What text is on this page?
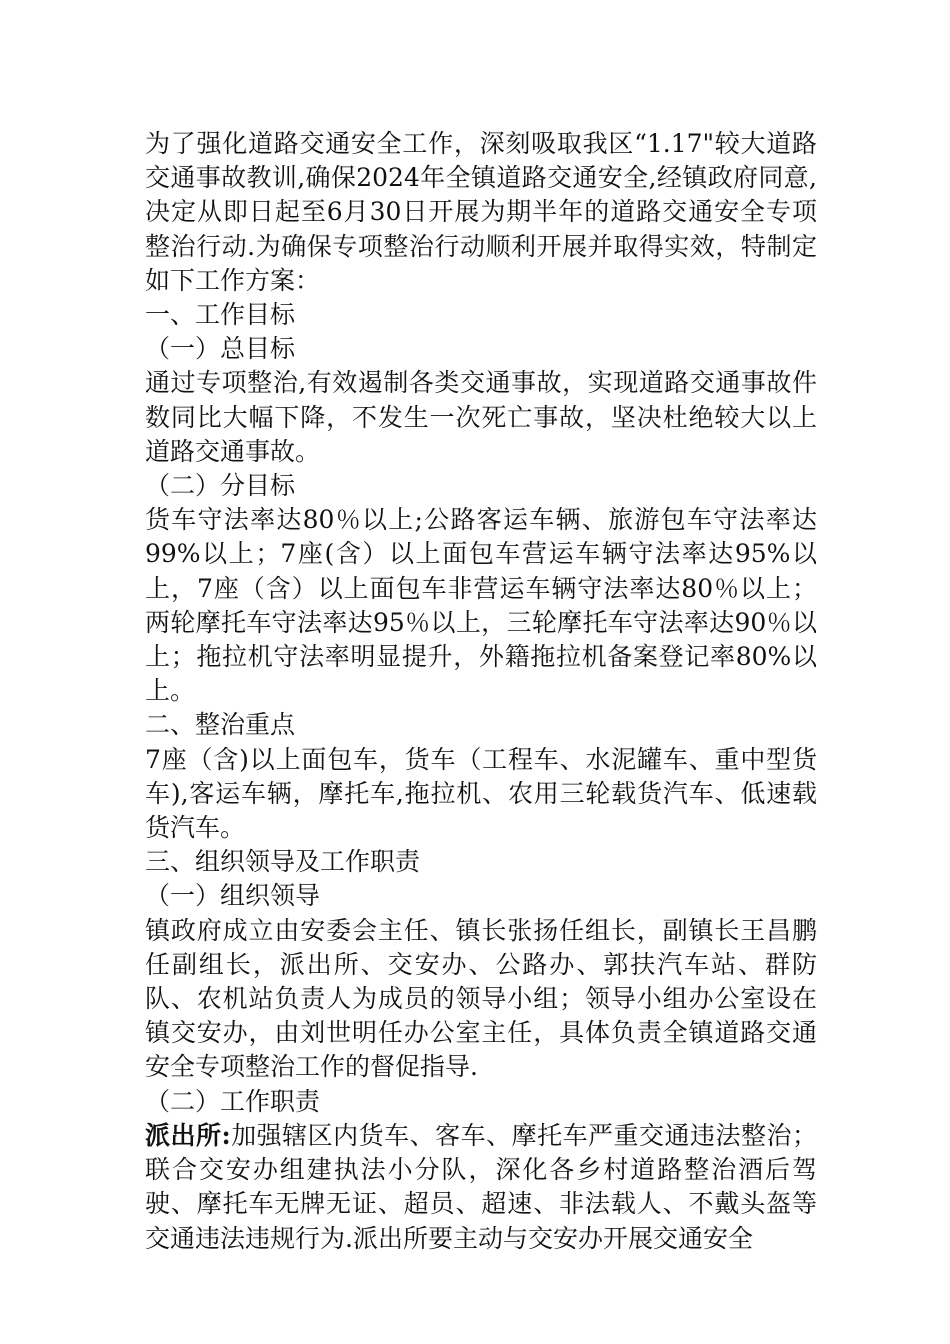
为了强化道路交通安全工作，深刻吸取我区“1.17"较大道路交通事故教训,确保2024年全镇道路交通安全,经镇政府同意,决定从即日起至6月30日开展为期半年的道路交通安全专项整治行动.为确保专项整治行动顺利开展并取得实效，特制定如下工作方案：

一、工作目标

（一）总目标

通过专项整治,有效遏制各类交通事故，实现道路交通事故件数同比大幅下降，不发生一次死亡事故，坚决杜绝较大以上道路交通事故。

（二）分目标

货车守法率达80％以上;公路客运车辆、旅游包车守法率达99%以上；7座(含）以上面包车营运车辆守法率达95%以上，7座（含）以上面包车非营运车辆守法率达80％以上；两轮摩托车守法率达95％以上，三轮摩托车守法率达90％以上；拖拉机守法率明显提升，外籍拖拉机备案登记率80%以上。

二、整治重点

7座（含)以上面包车，货车（工程车、水泥罐车、重中型货车),客运车辆，摩托车,拖拉机、农用三轮载货汽车、低速载货汽车。

三、组织领导及工作职责

（一）组织领导

镇政府成立由安委会主任、镇长张扬任组长，副镇长王昌鹏任副组长，派出所、交安办、公路办、郭扶汽车站、群防队、农机站负责人为成员的领导小组；领导小组办公室设在镇交安办，由刘世明任办公室主任，具体负责全镇道路交通安全专项整治工作的督促指导.

（二）工作职责

派出所:加强辖区内货车、客车、摩托车严重交通违法整治；联合交安办组建执法小分队，深化各乡村道路整治酒后驾驶、摩托车无牌无证、超员、超速、非法载人、不戴头盔等交通违法违规行为.派出所要主动与交安办开展交通安全
